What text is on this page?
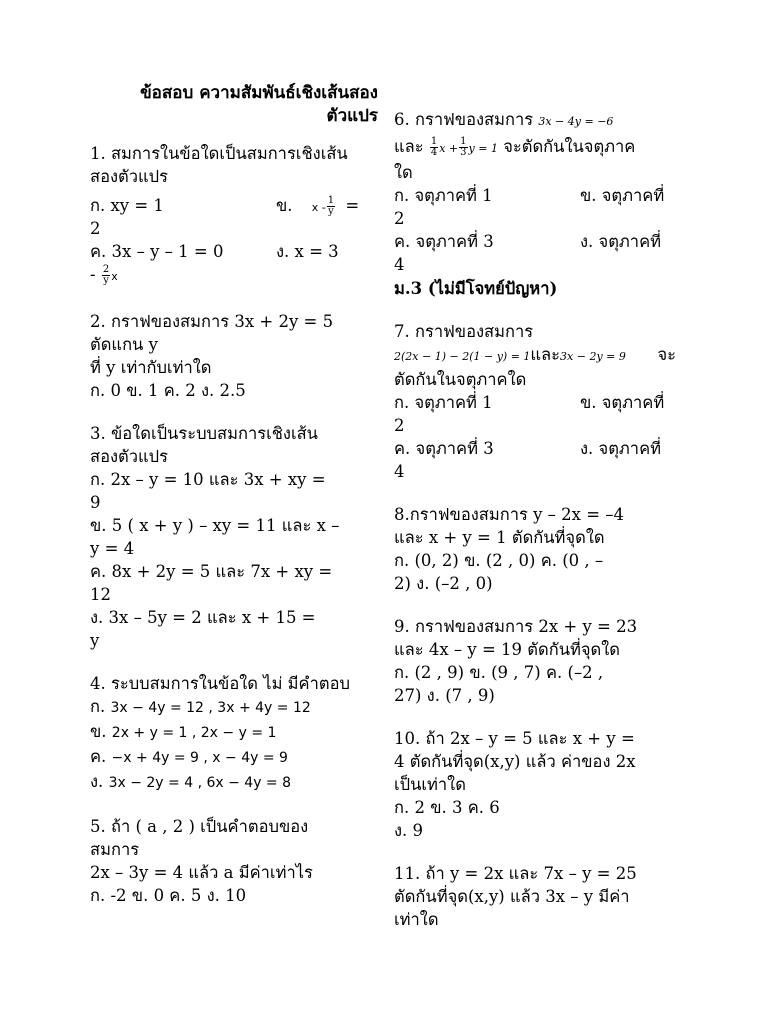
ข้อสอบ ความสัมพันธ์เชิงเส้นสอง
ตัวแปร
1. สมการในข้อใดเป็นสมการเชิงเส้น
สองตัวแปร
ก. xy = 1	ข. x - $\frac{1}{y}$ =
2
ค. 3x – y – 1 = 0	ง. x = 3
- $\frac{2}{y}$ x
2. กราฟของสมการ 3x + 2y = 5
ตัดแกน y
ที่ y เท่ากับเท่าใด
ก. 0 ข. 1 ค. 2 ง. 2.5
3. ข้อใดเป็นระบบสมการเชิงเส้น
สองตัวแปร
ก. 2x – y = 10 และ 3x + xy =
9
ข. 5 ( x + y ) – xy = 11 และ x –
y = 4
ค. 8x + 2y = 5 และ 7x + xy =
12
ง. 3x – 5y = 2 และ x + 15 =
y
4. ระบบสมการในข้อใด ไม่ มีคำตอบ
ก. 3x − 4y = 12 , 3x + 4y = 12
ข. 2x + y = 1 , 2x − y = 1
ค. −x + 4y = 9 , x − 4y = 9
ง. 3x − 2y = 4 , 6x − 4y = 8
5. ถ้า ( a , 2 ) เป็นคำตอบของ
สมการ
2x – 3y = 4 แล้ว a มีค่าเท่าไร
ก. -2 ข. 0 ค. 5 ง. 10
6. กราฟของสมการ 3x − 4y = −6
และ $\frac{1}{4}$ $x + \frac{1}{3}$ y = 1 จะตัดกันในจตุภาค
ใด
ก. จตุภาคที่ 1	ข. จตุภาคที่
2
ค. จตุภาคที่ 3	ง. จตุภาคที่
4
ม.3 (ไม่มีโจทย์ปัญหา)
7. กราฟของสมการ
2(2x − 1) − 2(1 − y) = 1และ3x − 2y = 9 จะ
ตัดกันในจตุภาคใด
ก. จตุภาคที่ 1	ข. จตุภาคที่
2
ค. จตุภาคที่ 3	ง. จตุภาคที่
4
8.กราฟของสมการ y – 2x = –4
และ x + y = 1 ตัดกันที่จุดใด
ก. (0, 2) ข. (2 , 0) ค. (0 , –
2) ง. (–2 , 0)
9. กราฟของสมการ 2x + y = 23
และ 4x – y = 19 ตัดกันที่จุดใด
ก. (2 , 9) ข. (9 , 7) ค. (–2 ,
27) ง. (7 , 9)
10. ถ้า 2x – y = 5 และ x + y =
4 ตัดกันที่จุด(x,y) แล้ว ค่าของ 2x
เป็นเท่าใด
ก. 2 ข. 3 ค. 6
ง. 9
11. ถ้า y = 2x และ 7x – y = 25
ตัดกันที่จุด(x,y) แล้ว 3x – y มีค่า
เท่าใด
